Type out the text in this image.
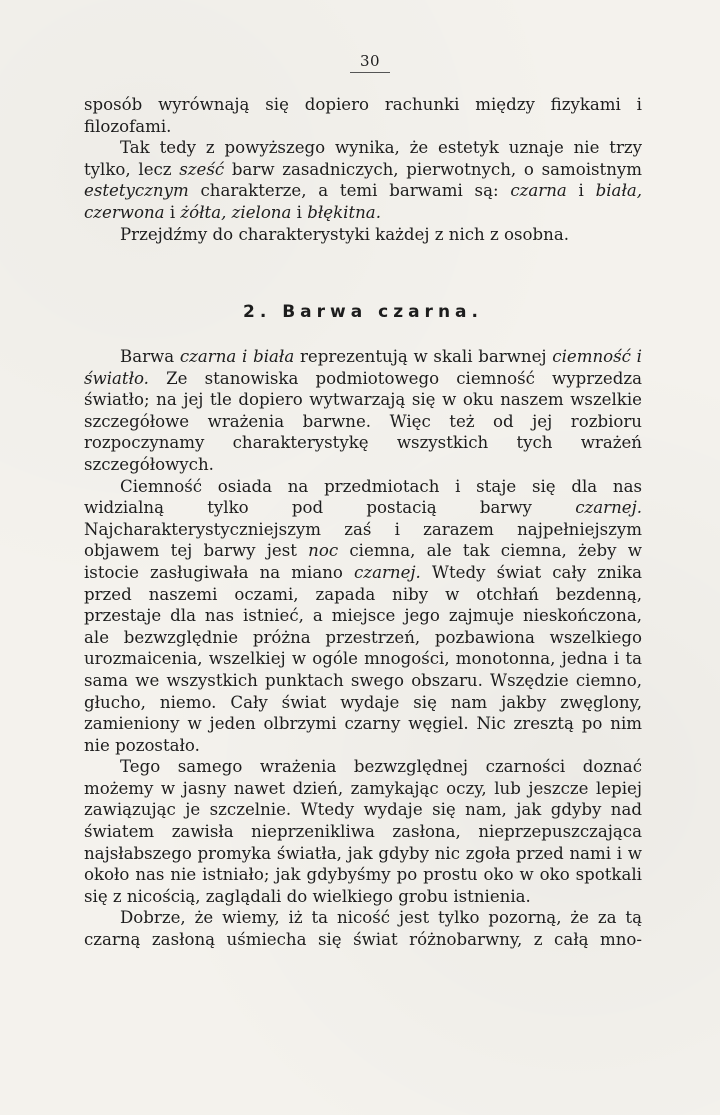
30

sposób wyrównają się dopiero rachunki między fizykami i filozofami.

Tak tedy z powyższego wynika, że estetyk uznaje nie trzy tylko, lecz sześć barw zasadniczych, pierwotnych, o samoistnym estetycznym charakterze, a temi barwami są: czarna i biała, czerwona i żółta, zielona i błękitna.

Przejdźmy do charakterystyki każdej z nich z osobna.

2. Barwa czarna.

Barwa czarna i biała reprezentują w skali barwnej ciemność i światło. Ze stanowiska podmiotowego ciemność wyprzedza światło; na jej tle dopiero wytwarzają się w oku naszem wszelkie szczegółowe wrażenia barwne. Więc też od jej rozbioru rozpoczynamy charakterystykę wszystkich tych wrażeń szczegółowych.

Ciemność osiada na przedmiotach i staje się dla nas widzialną tylko pod postacią barwy czarnej. Najcharakterystyczniejszym zaś i zarazem najpełniejszym objawem tej barwy jest noc ciemna, ale tak ciemna, żeby w istocie zasługiwała na miano czarnej. Wtedy świat cały znika przed naszemi oczami, zapada niby w otchłań bezdenną, przestaje dla nas istnieć, a miejsce jego zajmuje nieskończona, ale bezwzględnie próżna przestrzeń, pozbawiona wszelkiego urozmaicenia, wszelkiej w ogóle mnogości, monotonna, jedna i ta sama we wszystkich punktach swego obszaru. Wszędzie ciemno, głucho, niemo. Cały świat wydaje się nam jakby zwęglony, zamieniony w jeden olbrzymi czarny węgiel. Nic zresztą po nim nie pozostało.

Tego samego wrażenia bezwzględnej czarności doznać możemy w jasny nawet dzień, zamykając oczy, lub jeszcze lepiej zawiązując je szczelnie. Wtedy wydaje się nam, jak gdyby nad światem zawisła nieprzenikliwa zasłona, nieprzepuszczająca najsłabszego promyka światła, jak gdyby nic zgoła przed nami i w około nas nie istniało; jak gdybyśmy po prostu oko w oko spotkali się z nicością, zaglądali do wielkiego grobu istnienia.

Dobrze, że wiemy, iż ta nicość jest tylko pozorną, że za tą czarną zasłoną uśmiecha się świat różnobarwny, z całą mno-
